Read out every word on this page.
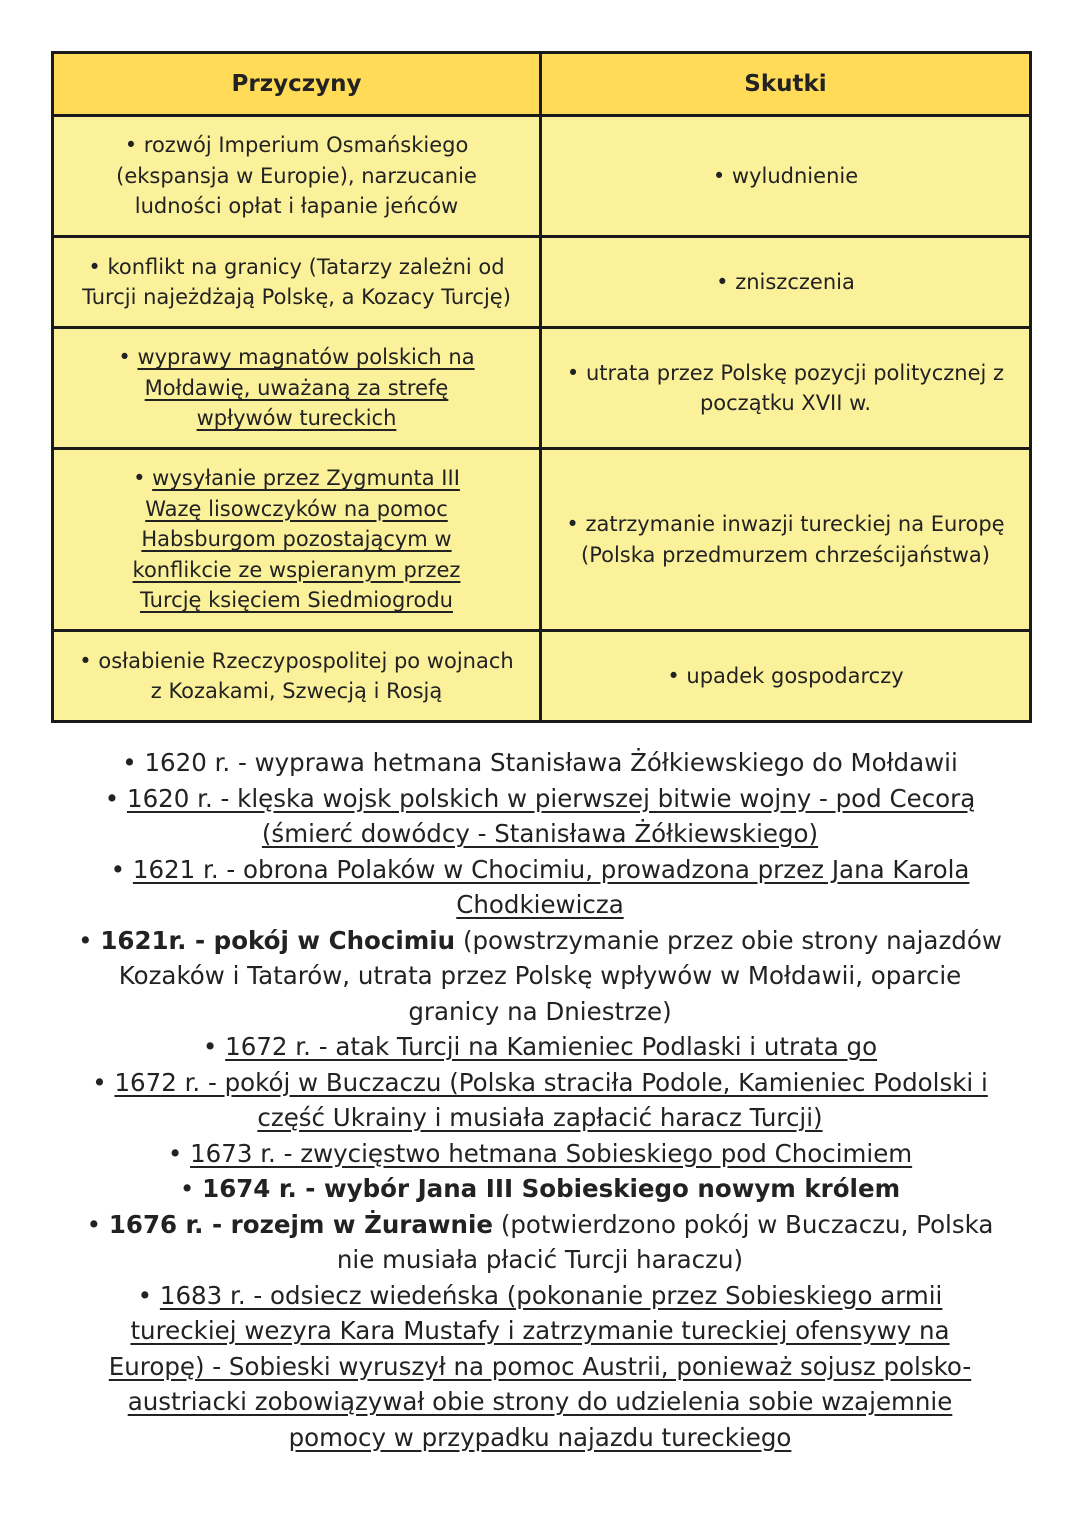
Przyczyny	Skutki
• rozwój Imperium Osmańskiego (ekspansja w Europie), narzucanie ludności opłat i łapanie jeńców	• wyludnienie
• konflikt na granicy (Tatarzy zależni od Turcji najeżdżają Polskę, a Kozacy Turcję)	• zniszczenia
• wyprawy magnatów polskich na Mołdawię, uważaną za strefę wpływów tureckich	• utrata przez Polskę pozycji politycznej z początku XVII w.
• wysyłanie przez Zygmunta III Wazę lisowczyków na pomoc Habsburgom pozostającym w konflikcie ze wspieranym przez Turcję księciem Siedmiogrodu	• zatrzymanie inwazji tureckiej na Europę (Polska przedmurzem chrześcijaństwa)
• osłabienie Rzeczypospolitej po wojnach z Kozakami, Szwecją i Rosją	• upadek gospodarczy

• 1620 r. - wyprawa hetmana Stanisława Żółkiewskiego do Mołdawii

• 1620 r. - klęska wojsk polskich w pierwszej bitwie wojny - pod Cecorą (śmierć dowódcy - Stanisława Żółkiewskiego)

• 1621 r. - obrona Polaków w Chocimiu, prowadzona przez Jana Karola Chodkiewicza

• 1621r. - pokój w Chocimiu (powstrzymanie przez obie strony najazdów Kozaków i Tatarów, utrata przez Polskę wpływów w Mołdawii, oparcie granicy na Dniestrze)

• 1672 r. - atak Turcji na Kamieniec Podlaski i utrata go

• 1672 r. - pokój w Buczaczu (Polska straciła Podole, Kamieniec Podolski i część Ukrainy i musiała zapłacić haracz Turcji)

• 1673 r. - zwycięstwo hetmana Sobieskiego pod Chocimiem

• 1674 r. - wybór Jana III Sobieskiego nowym królem

• 1676 r. - rozejm w Żurawnie (potwierdzono pokój w Buczaczu, Polska nie musiała płacić Turcji haraczu)

• 1683 r. - odsiecz wiedeńska (pokonanie przez Sobieskiego armii tureckiej wezyra Kara Mustafy i zatrzymanie tureckiej ofensywy na Europę) - Sobieski wyruszył na pomoc Austrii, ponieważ sojusz polsko-austriacki zobowiązywał obie strony do udzielenia sobie wzajemnie pomocy w przypadku najazdu tureckiego
